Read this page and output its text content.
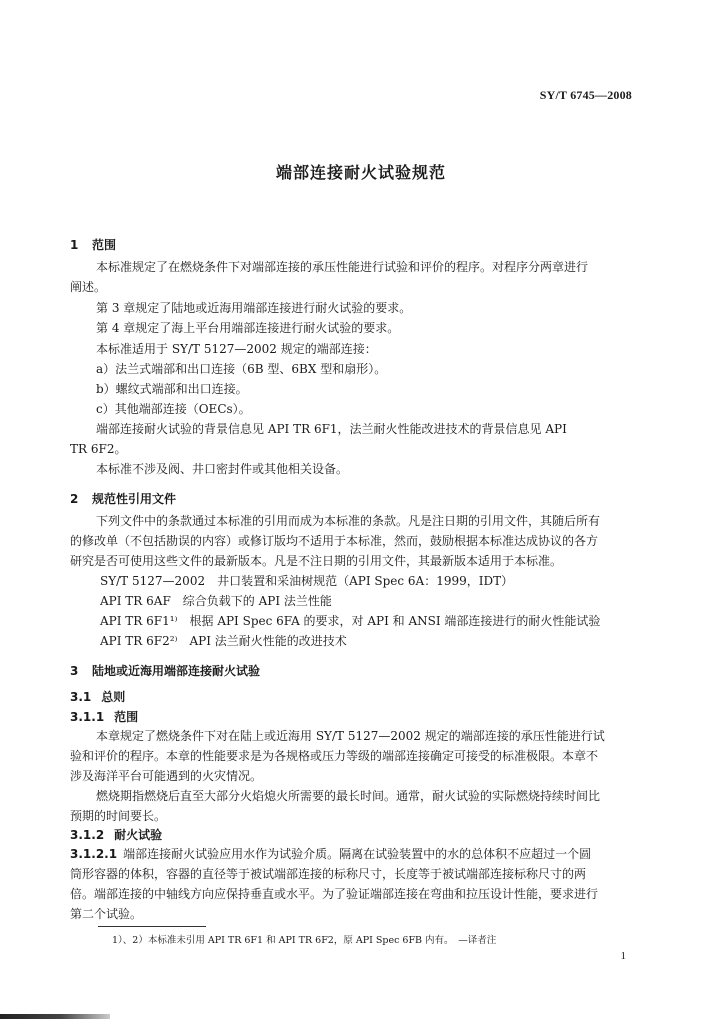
SY/T 6745—2008
端部连接耐火试验规范
1 范围
本标准规定了在燃烧条件下对端部连接的承压性能进行试验和评价的程序。对程序分两章进行
阐述。
第 3 章规定了陆地或近海用端部连接进行耐火试验的要求。
第 4 章规定了海上平台用端部连接进行耐火试验的要求。
本标准适用于 SY/T 5127—2002 规定的端部连接：
a）法兰式端部和出口连接（6B 型、6BX 型和扇形）。
b）螺纹式端部和出口连接。
c）其他端部连接（OECs）。
端部连接耐火试验的背景信息见 API TR 6F1，法兰耐火性能改进技术的背景信息见 API
TR 6F2。
本标准不涉及阀、井口密封件或其他相关设备。
2 规范性引用文件
下列文件中的条款通过本标准的引用而成为本标准的条款。凡是注日期的引用文件，其随后所有
的修改单（不包括勘误的内容）或修订版均不适用于本标准，然而，鼓励根据本标准达成协议的各方
研究是否可使用这些文件的最新版本。凡是不注日期的引用文件，其最新版本适用于本标准。
SY/T 5127—2002　井口装置和采油树规范（API Spec 6A：1999，IDT）
API TR 6AF　综合负载下的 API 法兰性能
API TR 6F1¹⁾　根据 API Spec 6FA 的要求，对 API 和 ANSI 端部连接进行的耐火性能试验
API TR 6F2²⁾　API 法兰耐火性能的改进技术
3 陆地或近海用端部连接耐火试验
3.1 总则
3.1.1 范围
本章规定了燃烧条件下对在陆上或近海用 SY/T 5127—2002 规定的端部连接的承压性能进行试
验和评价的程序。本章的性能要求是为各规格或压力等级的端部连接确定可接受的标准极限。本章不
涉及海洋平台可能遇到的火灾情况。
燃烧期指燃烧后直至大部分火焰熄火所需要的最长时间。通常，耐火试验的实际燃烧持续时间比
预期的时间要长。
3.1.2 耐火试验
3.1.2.1 端部连接耐火试验应用水作为试验介质。隔离在试验装置中的水的总体积不应超过一个圆
筒形容器的体积，容器的直径等于被试端部连接的标称尺寸，长度等于被试端部连接标称尺寸的两
倍。端部连接的中轴线方向应保持垂直或水平。为了验证端部连接在弯曲和拉压设计性能，要求进行
第二个试验。
1）、2）本标准未引用 API TR 6F1 和 API TR 6F2，原 API Spec 6FB 内有。　—译者注
1
